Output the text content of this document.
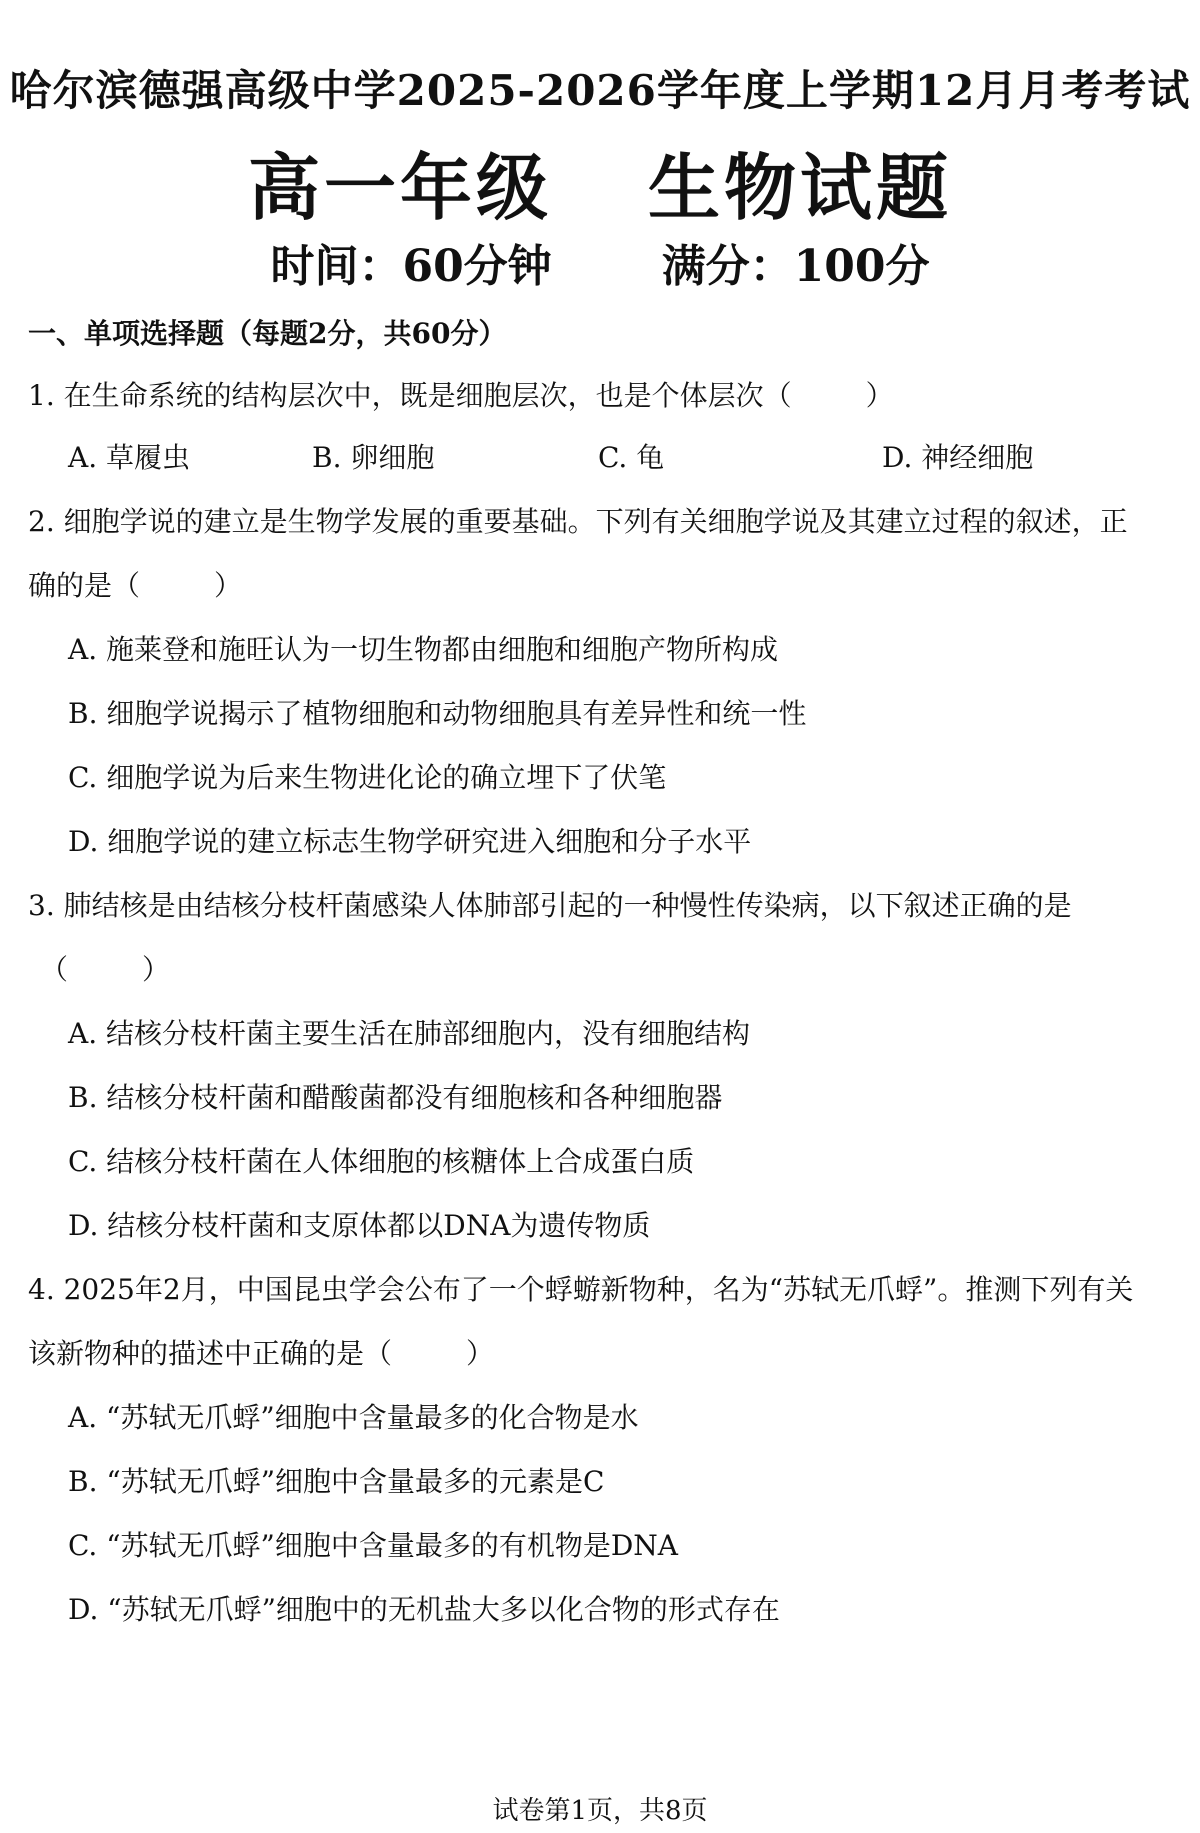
哈尔滨德强高级中学2025-2026学年度上学期12月月考考试
高一年级 生物试题
时间：60分钟	满分：100分
一、单项选择题（每题2分，共60分）
1. 在生命系统的结构层次中，既是细胞层次，也是个体层次（	）
A. 草履虫	B. 卵细胞	C. 龟	D. 神经细胞
2. 细胞学说的建立是生物学发展的重要基础。下列有关细胞学说及其建立过程的叙述，正
确的是（	）
A. 施莱登和施旺认为一切生物都由细胞和细胞产物所构成
B. 细胞学说揭示了植物细胞和动物细胞具有差异性和统一性
C. 细胞学说为后来生物进化论的确立埋下了伏笔
D. 细胞学说的建立标志生物学研究进入细胞和分子水平
3. 肺结核是由结核分枝杆菌感染人体肺部引起的一种慢性传染病，以下叙述正确的是
（	）
A. 结核分枝杆菌主要生活在肺部细胞内，没有细胞结构
B. 结核分枝杆菌和醋酸菌都没有细胞核和各种细胞器
C. 结核分枝杆菌在人体细胞的核糖体上合成蛋白质
D. 结核分枝杆菌和支原体都以DNA为遗传物质
4. 2025年2月，中国昆虫学会公布了一个蜉蝣新物种，名为“苏轼无爪蜉”。推测下列有关
该新物种的描述中正确的是（	）
A. “苏轼无爪蜉”细胞中含量最多的化合物是水
B. “苏轼无爪蜉”细胞中含量最多的元素是C
C. “苏轼无爪蜉”细胞中含量最多的有机物是DNA
D. “苏轼无爪蜉”细胞中的无机盐大多以化合物的形式存在
试卷第1页，共8页
